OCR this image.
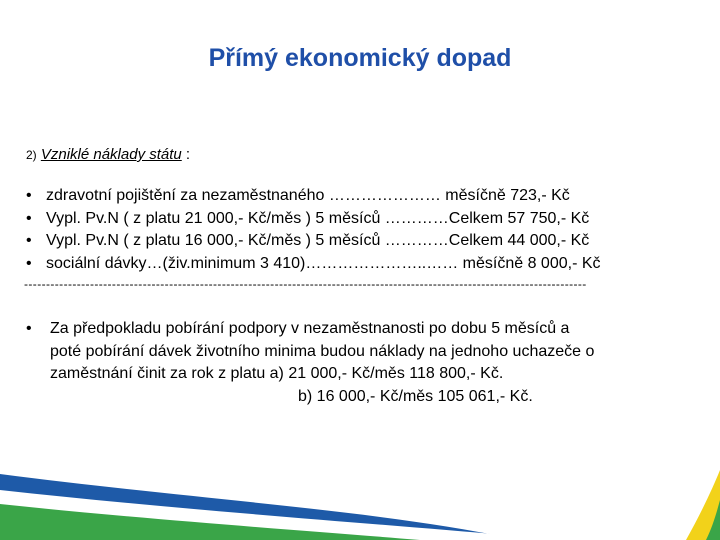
Přímý ekonomický dopad
2) Vzniklé náklady státu :
• zdravotní pojištění za nezaměstnaného ………………… měsíčně 723,- Kč
• Vypl. Pv.N ( z platu 21 000,- Kč/měs ) 5 měsíců …………Celkem 57 750,- Kč
• Vypl. Pv.N ( z platu 16 000,- Kč/měs ) 5 měsíců …………Celkem 44 000,- Kč
• sociální dávky…(živ.minimum 3 410)…………………..…… měsíčně 8 000,- Kč
--------------------------------------------------------------------------------------------------------------------------------
•	Za předpokladu pobírání podpory v nezaměstnanosti po dobu 5 měsíců a
poté pobírání dávek životního minima budou náklady na jednoho uchazeče o
zaměstnání činit za rok z platu a) 21 000,- Kč/měs 118 800,- Kč.
b) 16 000,- Kč/měs 105 061,- Kč.
